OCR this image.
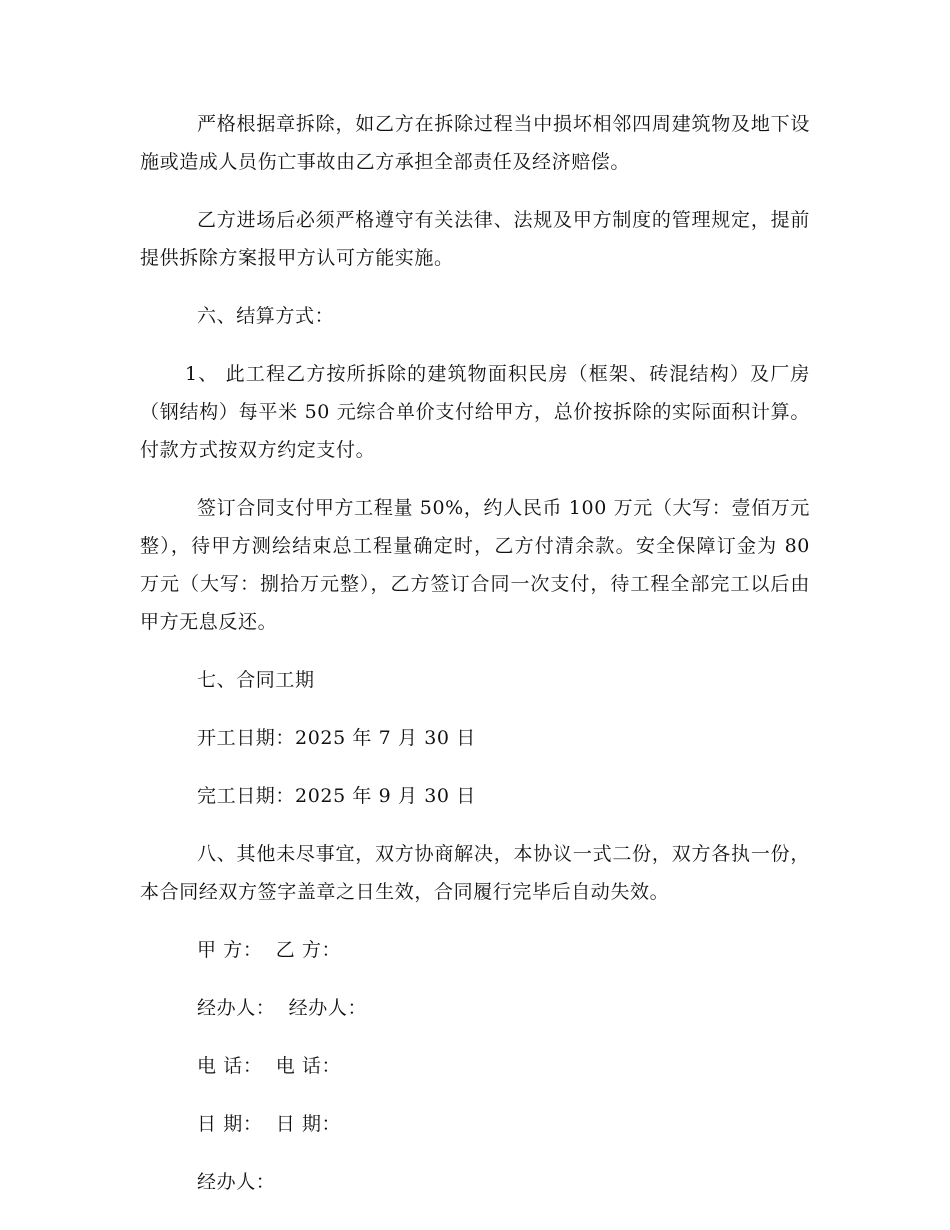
严格根据章拆除，如乙方在拆除过程当中损坏相邻四周建筑物及地下设施或造成人员伤亡事故由乙方承担全部责任及经济赔偿。

乙方进场后必须严格遵守有关法律、法规及甲方制度的管理规定，提前提供拆除方案报甲方认可方能实施。

六、结算方式：

1、 此工程乙方按所拆除的建筑物面积民房（框架、砖混结构）及厂房（钢结构）每平米 50 元综合单价支付给甲方，总价按拆除的实际面积计算。付款方式按双方约定支付。

签订合同支付甲方工程量 50%，约人民币 100 万元（大写：壹佰万元整），待甲方测绘结束总工程量确定时，乙方付清余款。安全保障订金为 80 万元（大写：捌拾万元整），乙方签订合同一次支付，待工程全部完工以后由甲方无息反还。

七、合同工期

开工日期：2025 年 7 月 30 日

完工日期：2025 年 9 月 30 日

八、其他未尽事宜，双方协商解决，本协议一式二份，双方各执一份，本合同经双方签字盖章之日生效，合同履行完毕后自动失效。

甲 方：  乙 方：
经办人：  经办人：
电 话：  电 话：
日 期：  日 期：
经办人：
